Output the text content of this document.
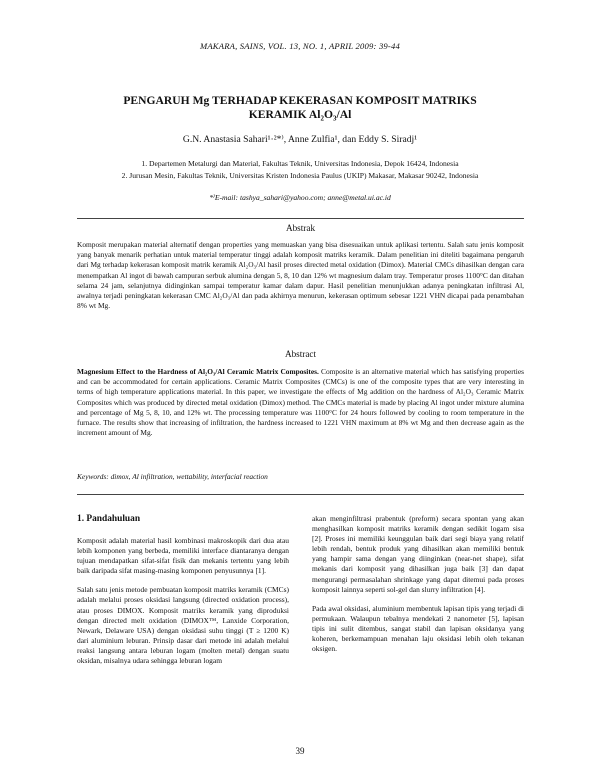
MAKARA, SAINS, VOL. 13, NO. 1, APRIL 2009: 39-44
PENGARUH Mg TERHADAP KEKERASAN KOMPOSIT MATRIKS
KERAMIK Al₂O₃/Al
G.N. Anastasia Sahari¹·²*⁾, Anne Zulfia¹, dan Eddy S. Siradj¹
1. Departemen Metalurgi dan Material, Fakultas Teknik, Universitas Indonesia, Depok 16424, Indonesia
2. Jurusan Mesin, Fakultas Teknik, Universitas Kristen Indonesia Paulus (UKIP) Makasar, Makasar 90242, Indonesia
*⁾E-mail: tashya_sahari@yahoo.com; anne@metal.ui.ac.id
Abstrak
Komposit merupakan material alternatif dengan properties yang memuaskan yang bisa disesuaikan untuk aplikasi tertentu. Salah satu jenis komposit yang banyak menarik perhatian untuk material temperatur tinggi adalah komposit matriks keramik. Dalam penelitian ini diteliti bagaimana pengaruh dari Mg terhadap kekerasan komposit matrik keramik Al₂O₃/Al hasil proses directed metal oxidation (Dimox). Material CMCs dihasilkan dengan cara menempatkan Al ingot di bawah campuran serbuk alumina dengan 5, 8, 10 dan 12% wt magnesium dalam tray. Temperatur proses 1100°C dan ditahan selama 24 jam, selanjutnya didinginkan sampai temperatur kamar dalam dapur. Hasil penelitian menunjukkan adanya peningkatan infiltrasi Al, awalnya terjadi peningkatan kekerasan CMC Al₂O₃/Al dan pada akhirnya menurun, kekerasan optimum sebesar 1221 VHN dicapai pada penambahan 8% wt Mg.
Abstract
Magnesium Effect to the Hardness of Al₂O₃/Al Ceramic Matrix Composites. Composite is an alternative material which has satisfying properties and can be accommodated for certain applications. Ceramic Matrix Composites (CMCs) is one of the composite types that are very interesting in terms of high temperature applications material. In this paper, we investigate the effects of Mg addition on the hardness of Al₂O₃ Ceramic Matrix Composites which was produced by directed metal oxidation (Dimox) method. The CMCs material is made by placing Al ingot under mixture alumina and percentage of Mg 5, 8, 10, and 12% wt. The processing temperature was 1100°C for 24 hours followed by cooling to room temperature in the furnace. The results show that increasing of infiltration, the hardness increased to 1221 VHN maximum at 8% wt Mg and then decrease again as the increment amount of Mg.
Keywords: dimox, Al infiltration, wettability, interfacial reaction
1. Pandahuluan

Komposit adalah material hasil kombinasi makroskopik dari dua atau lebih komponen yang berbeda, memiliki interface diantaranya dengan tujuan mendapatkan sifat-sifat fisik dan mekanis tertentu yang lebih baik daripada sifat masing-masing komponen penyusunnya [1].

Salah satu jenis metode pembuatan komposit matriks keramik (CMCs) adalah melalui proses oksidasi langsung (directed oxidation process), atau proses DIMOX. Komposit matriks keramik yang diproduksi dengan directed melt oxidation (DIMOX™, Lanxide Corporation, Newark, Delaware USA) dengan oksidasi suhu tinggi (T ≥ 1200 K) dari aluminium leburan. Prinsip dasar dari metode ini adalah melalui reaksi langsung antara leburan logam (molten metal) dengan suatu oksidan, misalnya udara sehingga leburan logam

akan menginfiltrasi prabentuk (preform) secara spontan yang akan menghasilkan komposit matriks keramik dengan sedikit logam sisa [2]. Proses ini memiliki keunggulan baik dari segi biaya yang relatif lebih rendah, bentuk produk yang dihasilkan akan memiliki bentuk yang hampir sama dengan yang diinginkan (near-net shape), sifat mekanis dari komposit yang dihasilkan juga baik [3] dan dapat mengurangi permasalahan shrinkage yang dapat ditemui pada proses komposit lainnya seperti sol-gel dan slurry infiltration [4].

Pada awal oksidasi, aluminium membentuk lapisan tipis yang terjadi di permukaan. Walaupun tebalnya mendekati 2 nanometer [5], lapisan tipis ini sulit ditembus, sangat stabil dan lapisan oksidanya yang koheren, berkemampuan menahan laju oksidasi lebih oleh tekanan oksigen.

39
